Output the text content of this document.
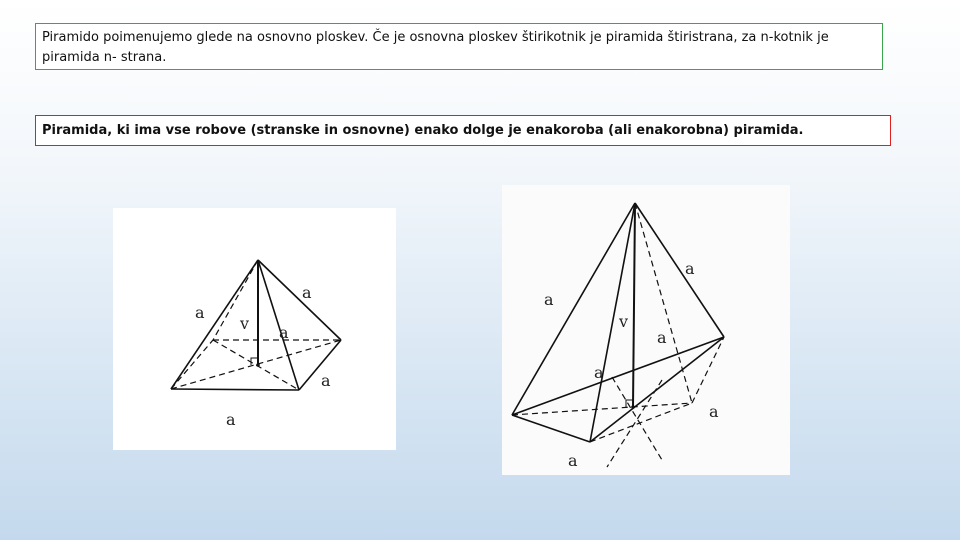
Piramido poimenujemo glede na osnovno ploskev. Če je osnovna ploskev štirikotnik je piramida štiristrana, za n-kotnik je piramida n- strana.
Piramida, ki ima vse robove (stranske in osnovne) enako dolge je enakoroba (ali enakorobna) piramida.
a
a
v a
a
a
a
a
v
a
a
a
a
